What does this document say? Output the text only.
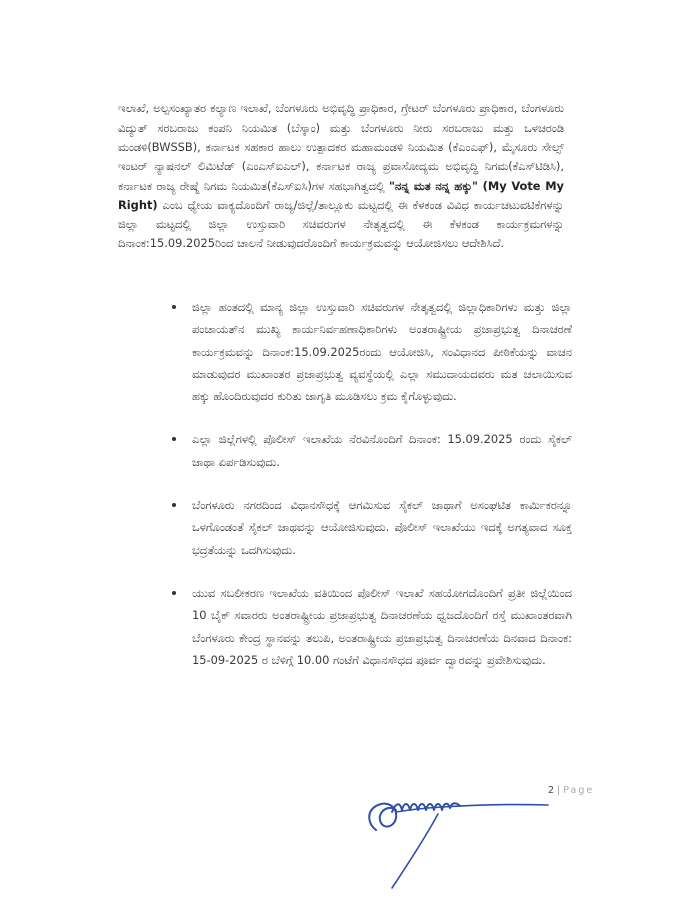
ಇಲಾಖೆ, ಅಲ್ಪಸಂಖ್ಯಾತರ ಕಲ್ಯಾಣ ಇಲಾಖೆ, ಬೆಂಗಳೂರು ಅಭಿವೃದ್ಧಿ ಪ್ರಾಧಿಕಾರ, ಗ್ರೇಟರ್ ಬೆಂಗಳೂರು ಪ್ರಾಧಿಕಾರ, ಬೆಂಗಳೂರು ವಿದ್ಯುತ್ ಸರಬರಾಜು ಕಂಪನಿ ನಿಯಮಿತ (ಬೆಸ್ಕಾಂ) ಮತ್ತು ಬೆಂಗಳೂರು ನೀರು ಸರಬರಾಜು ಮತ್ತು ಒಳಚರಂಡಿ ಮಂಡಳಿ(BWSSB), ಕರ್ನಾಟಕ ಸಹಕಾರ ಹಾಲು ಉತ್ಪಾದಕರ ಮಹಾಮಂಡಳಿ ನಿಯಮಿತ (ಕೆಎಂಎಫ್), ಮೈಸೂರು ಸೇಲ್ಸ್ ಇಂಟರ್ ನ್ಯಾಷನಲ್ ಲಿಮಿಟೆಡ್ (ಎಂಎಸ್ಐಎಲ್), ಕರ್ನಾಟಕ ರಾಜ್ಯ ಪ್ರವಾಸೋದ್ಯಮ ಅಭಿವೃದ್ಧಿ ನಿಗಮ(ಕೆಎಸ್‌ಟಿಡಿಸಿ), ಕರ್ನಾಟಕ ರಾಜ್ಯ ರೇಷ್ಮೆ ನಿಗಮ ನಿಯಮಿತ(ಕೆಎಸ್ಐಸಿ)ಗಳ ಸಹಭಾಗಿತ್ವದಲ್ಲಿ "ನನ್ನ ಮತ ನನ್ನ ಹಕ್ಕು" (My Vote My Right) ಎಂಬ ಧ್ಯೇಯ ವಾಕ್ಯದೊಂದಿಗೆ ರಾಜ್ಯ/ಜಿಲ್ಲೆ/ತಾಲ್ಲೂಕು ಮಟ್ಟದಲ್ಲಿ ಈ ಕೆಳಕಂಡ ವಿವಿಧ ಕಾರ್ಯಚಟುವಟಿಕೆಗಳನ್ನು ಜಿಲ್ಲಾ ಮಟ್ಟದಲ್ಲಿ ಜಿಲ್ಲಾ ಉಸ್ತುವಾರಿ ಸಚಿವರುಗಳ ನೇತೃತ್ವದಲ್ಲಿ ಈ ಕೆಳಕಂಡ ಕಾರ್ಯಕ್ರಮಗಳನ್ನು ದಿನಾಂಕ:15.09.2025ರಿಂದ ಚಾಲನೆ ನೀಡುವುದರೊಂದಿಗೆ ಕಾರ್ಯಕ್ರಮವನ್ನು ಆಯೋಜಿಸಲು ಆದೇಶಿಸಿದೆ.

ಜಿಲ್ಲಾ ಹಂತದಲ್ಲಿ ಮಾನ್ಯ ಜಿಲ್ಲಾ ಉಸ್ತುವಾರಿ ಸಚಿವರುಗಳ ನೇತೃತ್ವದಲ್ಲಿ ಜಿಲ್ಲಾಧಿಕಾರಿಗಳು ಮತ್ತು ಜಿಲ್ಲಾ ಪಂಚಾಯತ್‌ನ ಮುಖ್ಯ ಕಾರ್ಯನಿರ್ವಹಣಾಧಿಕಾರಿಗಳು ಅಂತರಾಷ್ಟ್ರೀಯ ಪ್ರಜಾಪ್ರಭುತ್ವ ದಿನಾಚರಣೆ ಕಾರ್ಯಕ್ರಮವನ್ನು ದಿನಾಂಕ:15.09.2025ರಂದು ಆಯೋಜಿಸಿ, ಸಂವಿಧಾನದ ಪೀಠಿಕೆಯನ್ನು ವಾಚನ ಮಾಡುವುದರ ಮುಖಾಂತರ ಪ್ರಜಾಪ್ರಭುತ್ವ ವ್ಯವಸ್ಥೆಯಲ್ಲಿ ಎಲ್ಲಾ ಸಮುದಾಯದವರು ಮತ ಚಲಾಯಿಸುವ ಹಕ್ಕು ಹೊಂದಿರುವುದರ ಕುರಿತು ಜಾಗೃತಿ ಮೂಡಿಸಲು ಕ್ರಮ ಕೈಗೊಳ್ಳುವುದು.
ಎಲ್ಲಾ ಜಿಲ್ಲೆಗಳಲ್ಲಿ ಪೊಲೀಸ್ ಇಲಾಖೆಯ ನೆರವಿನೊಂದಿಗೆ ದಿನಾಂಕ: 15.09.2025 ರಂದು ಸೈಕಲ್ ಜಾಥಾ ಏರ್ಪಡಿಸುವುದು.
ಬೆಂಗಳೂರು ನಗರದಿಂದ ವಿಧಾನಸೌಧಕ್ಕೆ ಆಗಮಿಸುವ ಸೈಕಲ್ ಜಾಥಾಗೆ ಅಸಂಘಟಿತ ಕಾರ್ಮಿಕರನ್ನೂ ಒಳಗೊಂಡಂತೆ ಸೈಕಲ್ ಜಾಥವನ್ನು ಆಯೋಜಿಸುವುದು. ಪೊಲೀಸ್ ಇಲಾಖೆಯು ಇದಕ್ಕೆ ಅಗತ್ಯವಾದ ಸೂಕ್ತ ಭದ್ರತೆಯನ್ನು ಒದಗಿಸುವುದು.
ಯುವ ಸಬಲೀಕರಣ ಇಲಾಖೆಯ ವತಿಯಿಂದ ಪೊಲೀಸ್ ಇಲಾಖೆ ಸಹಯೋಗದೊಂದಿಗೆ ಪ್ರತೀ ಜಿಲ್ಲೆಯಿಂದ 10 ಬೈಕ್ ಸವಾರರು ಅಂತರಾಷ್ಟ್ರೀಯ ಪ್ರಜಾಪ್ರಭುತ್ವ ದಿನಾಚರಣೆಯ ಧ್ವಜದೊಂದಿಗೆ ರಸ್ತೆ ಮುಖಾಂತರವಾಗಿ ಬೆಂಗಳೂರು ಕೇಂದ್ರ ಸ್ಥಾನವನ್ನು ತಲುಪಿ, ಅಂತರಾಷ್ಟ್ರೀಯ ಪ್ರಜಾಪ್ರಭುತ್ವ ದಿನಾಚರಣೆಯ ದಿನವಾದ ದಿನಾಂಕ: 15-09-2025 ರ ಬೆಳಿಗ್ಗೆ 10.00 ಗಂಟೆಗೆ ವಿಧಾನಸೌಧದ ಪೂರ್ವ ದ್ವಾರವನ್ನು ಪ್ರವೇಶಿಸುವುದು.
2 | Page
